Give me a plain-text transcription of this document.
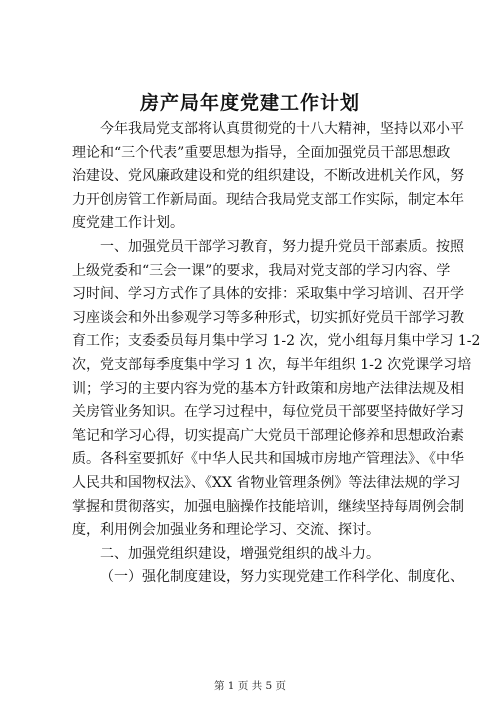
房产局年度党建工作计划
今年我局党支部将认真贯彻党的十八大精神，坚持以邓小平
理论和“三个代表”重要思想为指导，全面加强党员干部思想政
治建设、党风廉政建设和党的组织建设，不断改进机关作风，努
力开创房管工作新局面。现结合我局党支部工作实际，制定本年
度党建工作计划。
一、加强党员干部学习教育，努力提升党员干部素质。按照
上级党委和“三会一课”的要求，我局对党支部的学习内容、学
习时间、学习方式作了具体的安排：采取集中学习培训、召开学
习座谈会和外出参观学习等多种形式，切实抓好党员干部学习教
育工作；支委委员每月集中学习 1-2 次，党小组每月集中学习 1-2
次，党支部每季度集中学习 1 次，每半年组织 1-2 次党课学习培
训；学习的主要内容为党的基本方针政策和房地产法律法规及相
关房管业务知识。在学习过程中，每位党员干部要坚持做好学习
笔记和学习心得，切实提高广大党员干部理论修养和思想政治素
质。各科室要抓好《中华人民共和国城市房地产管理法》、《中华
人民共和国物权法》、《XX 省物业管理条例》等法律法规的学习
掌握和贯彻落实，加强电脑操作技能培训，继续坚持每周例会制
度，利用例会加强业务和理论学习、交流、探讨。
二、加强党组织建设，增强党组织的战斗力。
（一）强化制度建设，努力实现党建工作科学化、制度化、
第 1 页 共 5 页
